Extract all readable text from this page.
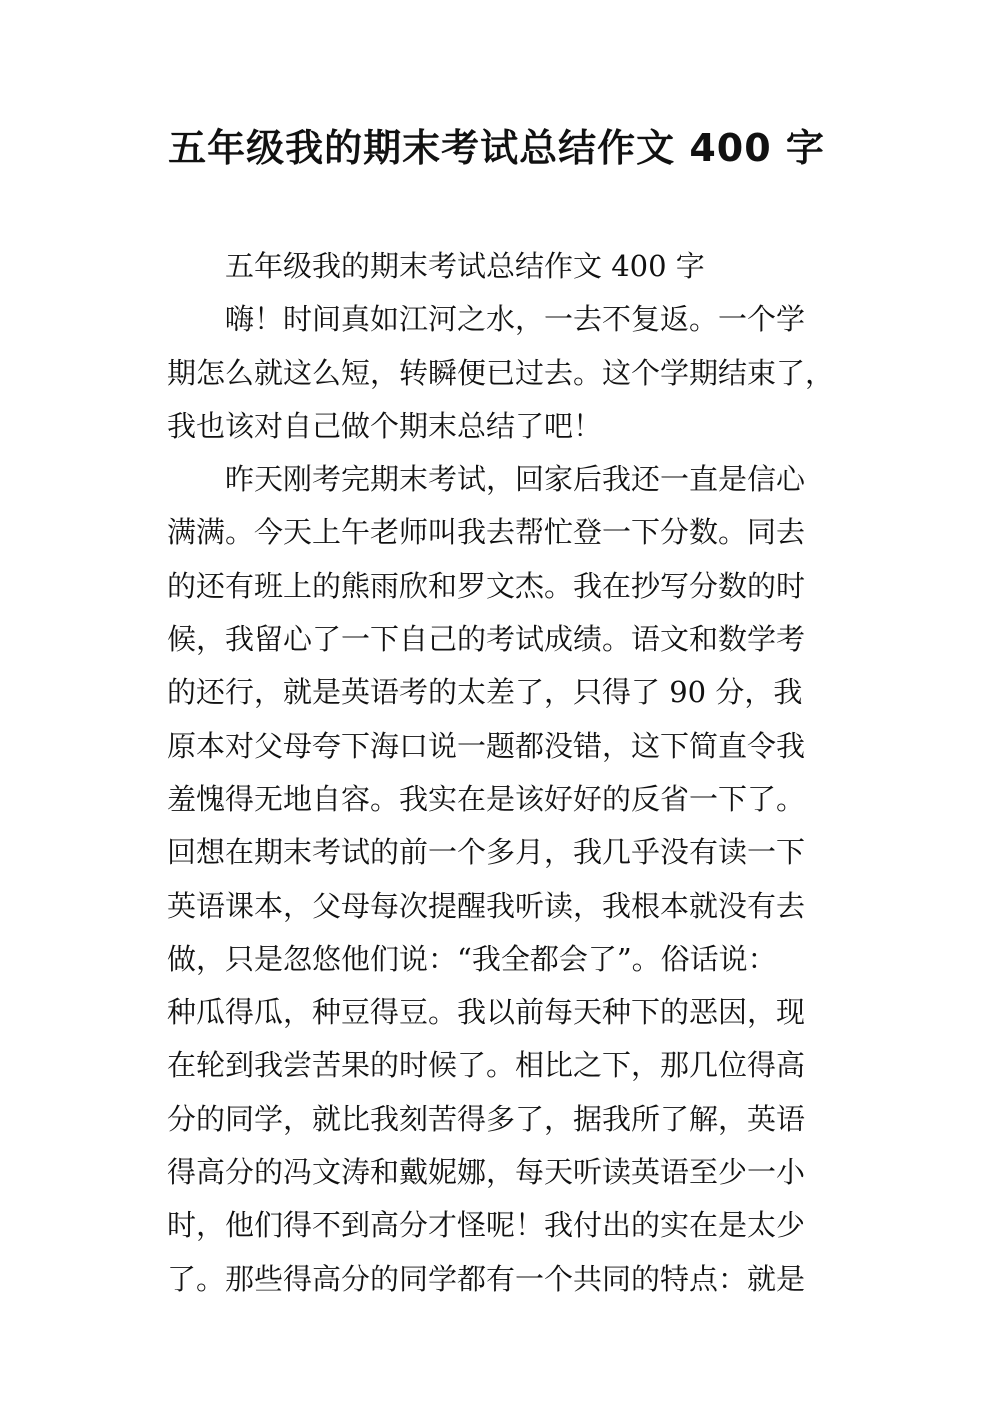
五年级我的期末考试总结作文 400 字
五年级我的期末考试总结作文 400 字
嗨！时间真如江河之水，一去不复返。一个学
期怎么就这么短，转瞬便已过去。这个学期结束了，
我也该对自己做个期末总结了吧！
昨天刚考完期末考试，回家后我还一直是信心
满满。今天上午老师叫我去帮忙登一下分数。同去
的还有班上的熊雨欣和罗文杰。我在抄写分数的时
候，我留心了一下自己的考试成绩。语文和数学考
的还行，就是英语考的太差了，只得了 90 分，我
原本对父母夸下海口说一题都没错，这下简直令我
羞愧得无地自容。我实在是该好好的反省一下了。
回想在期末考试的前一个多月，我几乎没有读一下
英语课本，父母每次提醒我听读，我根本就没有去
做，只是忽悠他们说：“我全都会了”。俗话说：
种瓜得瓜，种豆得豆。我以前每天种下的恶因，现
在轮到我尝苦果的时候了。相比之下，那几位得高
分的同学，就比我刻苦得多了，据我所了解，英语
得高分的冯文涛和戴妮娜，每天听读英语至少一小
时，他们得不到高分才怪呢！我付出的实在是太少
了。那些得高分的同学都有一个共同的特点：就是
